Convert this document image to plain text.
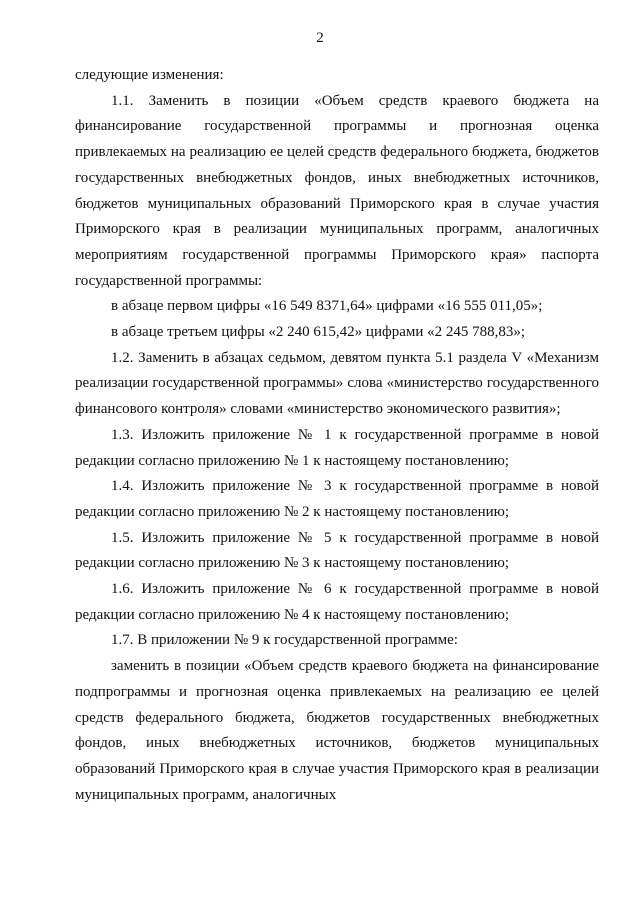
2

следующие изменения:

1.1. Заменить в позиции «Объем средств краевого бюджета на финансирование государственной программы и прогнозная оценка привлекаемых на реализацию ее целей средств федерального бюджета, бюджетов государственных внебюджетных фондов, иных внебюджетных источников, бюджетов муниципальных образований Приморского края в случае участия Приморского края в реализации муниципальных программ, аналогичных мероприятиям государственной программы Приморского края» паспорта государственной программы:

в абзаце первом цифры «16 549 8371,64» цифрами «16 555 011,05»;

в абзаце третьем цифры «2 240 615,42» цифрами «2 245 788,83»;

1.2. Заменить в абзацах седьмом, девятом пункта 5.1 раздела V «Механизм реализации государственной программы» слова «министерство государственного финансового контроля» словами «министерство экономического развития»;

1.3. Изложить приложение № 1 к государственной программе в новой редакции согласно приложению № 1 к настоящему постановлению;

1.4. Изложить приложение № 3 к государственной программе в новой редакции согласно приложению № 2 к настоящему постановлению;

1.5. Изложить приложение № 5 к государственной программе в новой редакции согласно приложению № 3 к настоящему постановлению;

1.6. Изложить приложение № 6 к государственной программе в новой редакции согласно приложению № 4 к настоящему постановлению;

1.7. В приложении № 9 к государственной программе:

заменить в позиции «Объем средств краевого бюджета на финансирование подпрограммы и прогнозная оценка привлекаемых на реализацию ее целей средств федерального бюджета, бюджетов государственных внебюджетных фондов, иных внебюджетных источников, бюджетов муниципальных образований Приморского края в случае участия Приморского края в реализации муниципальных программ, аналогичных
